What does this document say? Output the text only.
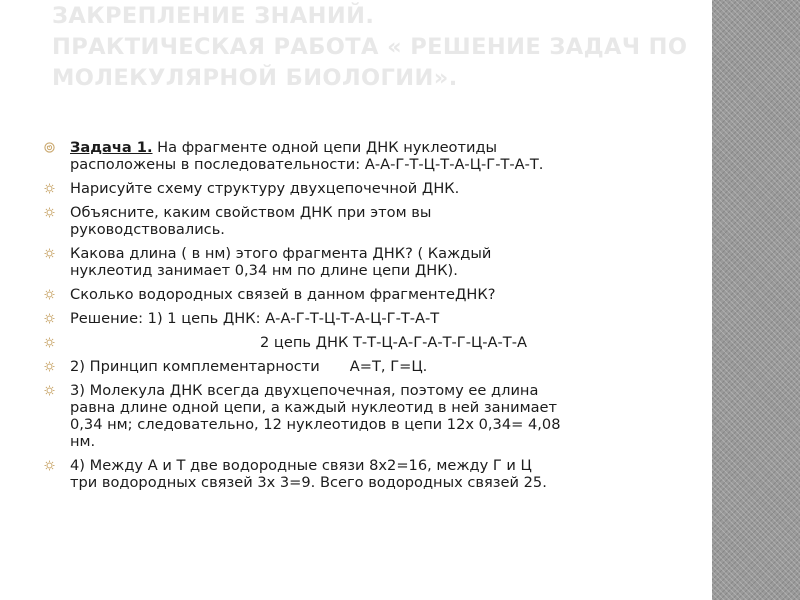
ЗАКРЕПЛЕНИЕ ЗНАНИЙ.
ПРАКТИЧЕСКАЯ РАБОТА « РЕШЕНИЕ ЗАДАЧ ПО
МОЛЕКУЛЯРНОЙ БИОЛОГИИ».
Задача 1. На фрагменте одной цепи ДНК нуклеотиды
расположены в последовательности: А-А-Г-Т-Ц-Т-А-Ц-Г-Т-А-Т.
Нарисуйте схему структуру двухцепочечной ДНК.
Объясните, каким свойством ДНК при этом вы
руководствовались.
Какова длина ( в нм) этого фрагмента ДНК? ( Каждый
нуклеотид занимает 0,34 нм по длине цепи ДНК).
Сколько водородных связей в данном фрагментеДНК?
Решение: 1) 1 цепь ДНК: А-А-Г-Т-Ц-Т-А-Ц-Г-Т-А-Т
2 цепь ДНК Т-Т-Ц-А-Г-А-Т-Г-Ц-А-Т-А
2) Принцип комплементарности А=Т, Г=Ц.
3) Молекула ДНК всегда двухцепочечная, поэтому ее длина
равна длине одной цепи, а каждый нуклеотид в ней занимает
0,34 нм; следовательно, 12 нуклеотидов в цепи 12х 0,34= 4,08
нм.
4) Между А и Т две водородные связи 8х2=16, между Г и Ц
три водородных связей 3х 3=9. Всего водородных связей 25.
